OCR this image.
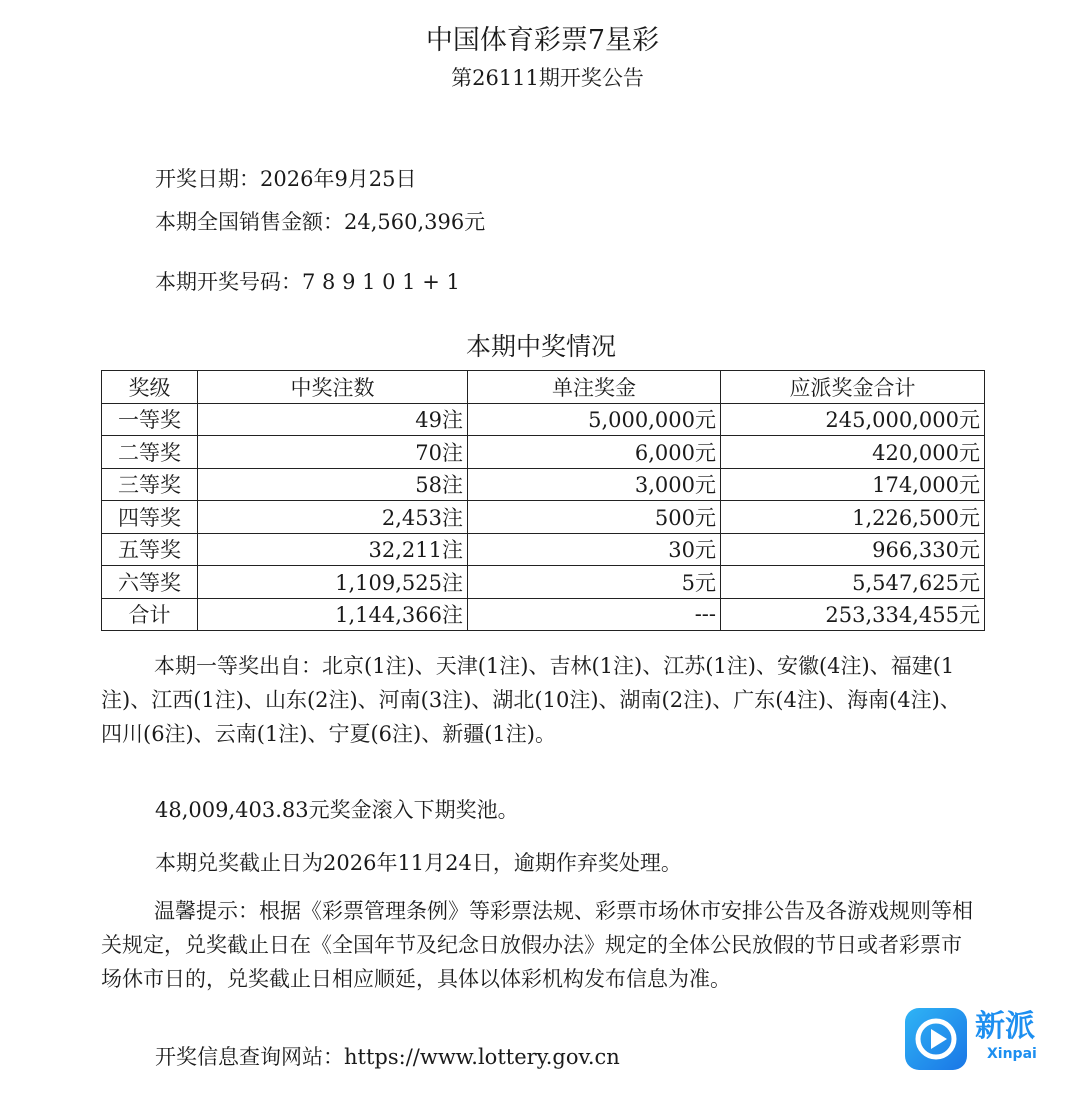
中国体育彩票7星彩
第26111期开奖公告
开奖日期：2026年9月25日
本期全国销售金额：24,560,396元
本期开奖号码：7 8 9 1 0 1 + 1
本期中奖情况
奖级	中奖注数	单注奖金	应派奖金合计
一等奖	49注	5,000,000元	245,000,000元
二等奖	70注	6,000元	420,000元
三等奖	58注	3,000元	174,000元
四等奖	2,453注	500元	1,226,500元
五等奖	32,211注	30元	966,330元
六等奖	1,109,525注	5元	5,547,625元
合计	1,144,366注	---	253,334,455元
本期一等奖出自：北京(1注)、天津(1注)、吉林(1注)、江苏(1注)、安徽(4注)、福建(1注)、江西(1注)、山东(2注)、河南(3注)、湖北(10注)、湖南(2注)、广东(4注)、海南(4注)、四川(6注)、云南(1注)、宁夏(6注)、新疆(1注)。
48,009,403.83元奖金滚入下期奖池。
本期兑奖截止日为2026年11月24日，逾期作弃奖处理。
温馨提示：根据《彩票管理条例》等彩票法规、彩票市场休市安排公告及各游戏规则等相关规定，兑奖截止日在《全国年节及纪念日放假办法》规定的全体公民放假的节日或者彩票市场休市日的，兑奖截止日相应顺延，具体以体彩机构发布信息为准。
开奖信息查询网站：https://www.lottery.gov.cn
新派
Xinpai
